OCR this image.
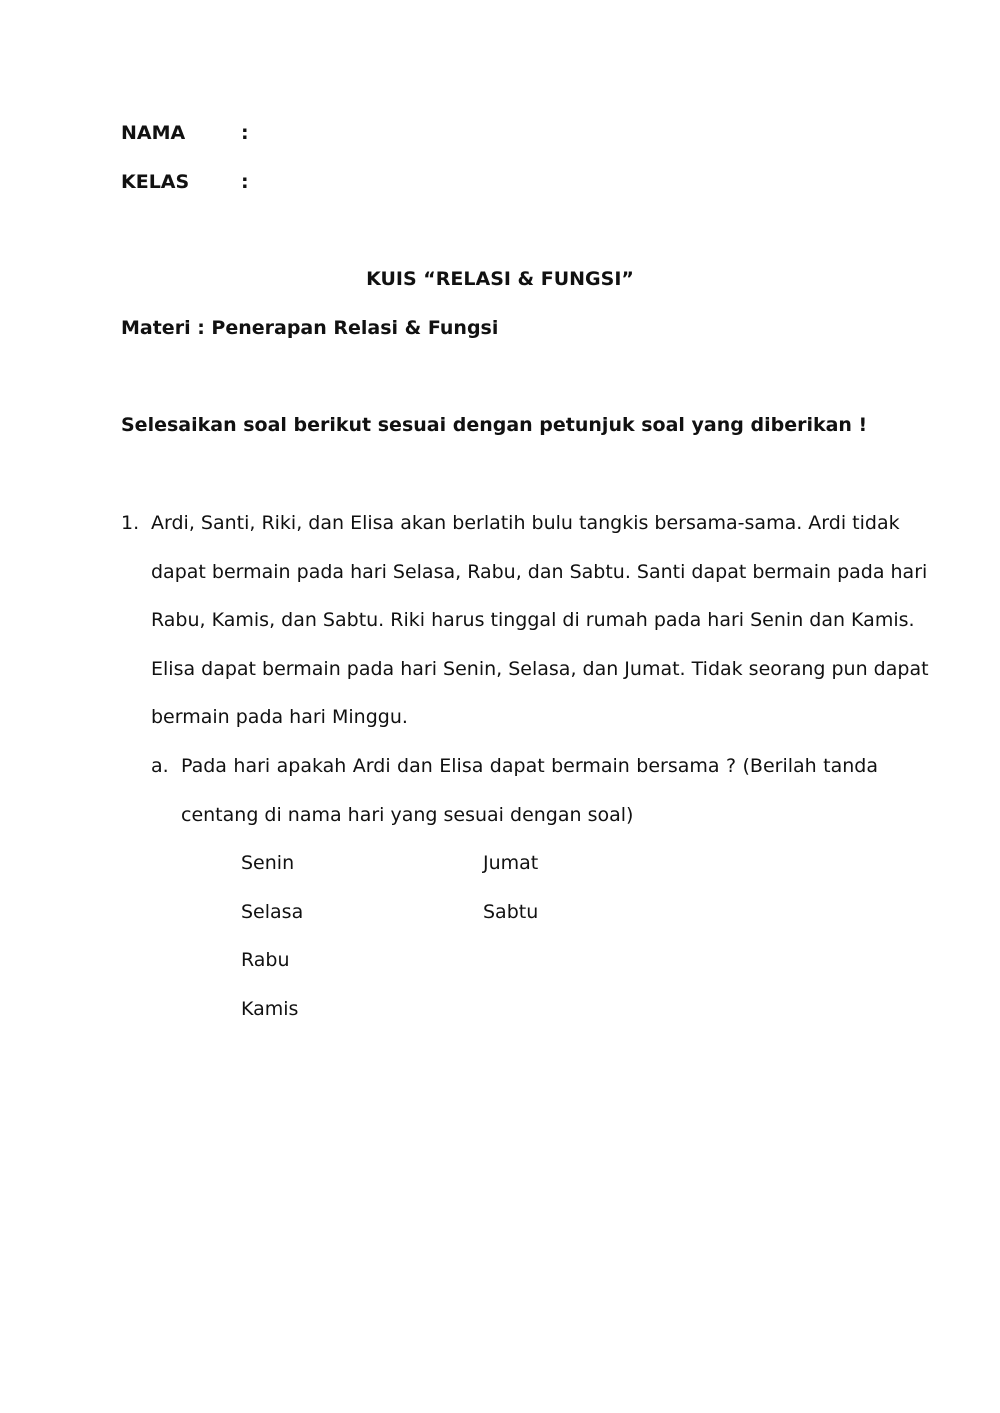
NAMA	:
KELAS	:
KUIS “RELASI & FUNGSI”
Materi : Penerapan Relasi & Fungsi
Selesaikan soal berikut sesuai dengan petunjuk soal yang diberikan !
1. Ardi, Santi, Riki, dan Elisa akan berlatih bulu tangkis bersama-sama. Ardi tidak
dapat bermain pada hari Selasa, Rabu, dan Sabtu. Santi dapat bermain pada hari
Rabu, Kamis, dan Sabtu. Riki harus tinggal di rumah pada hari Senin dan Kamis.
Elisa dapat bermain pada hari Senin, Selasa, dan Jumat. Tidak seorang pun dapat
bermain pada hari Minggu.
a. Pada hari apakah Ardi dan Elisa dapat bermain bersama ? (Berilah tanda
centang di nama hari yang sesuai dengan soal)
Senin
Selasa
Rabu
Kamis
Jumat
Sabtu
